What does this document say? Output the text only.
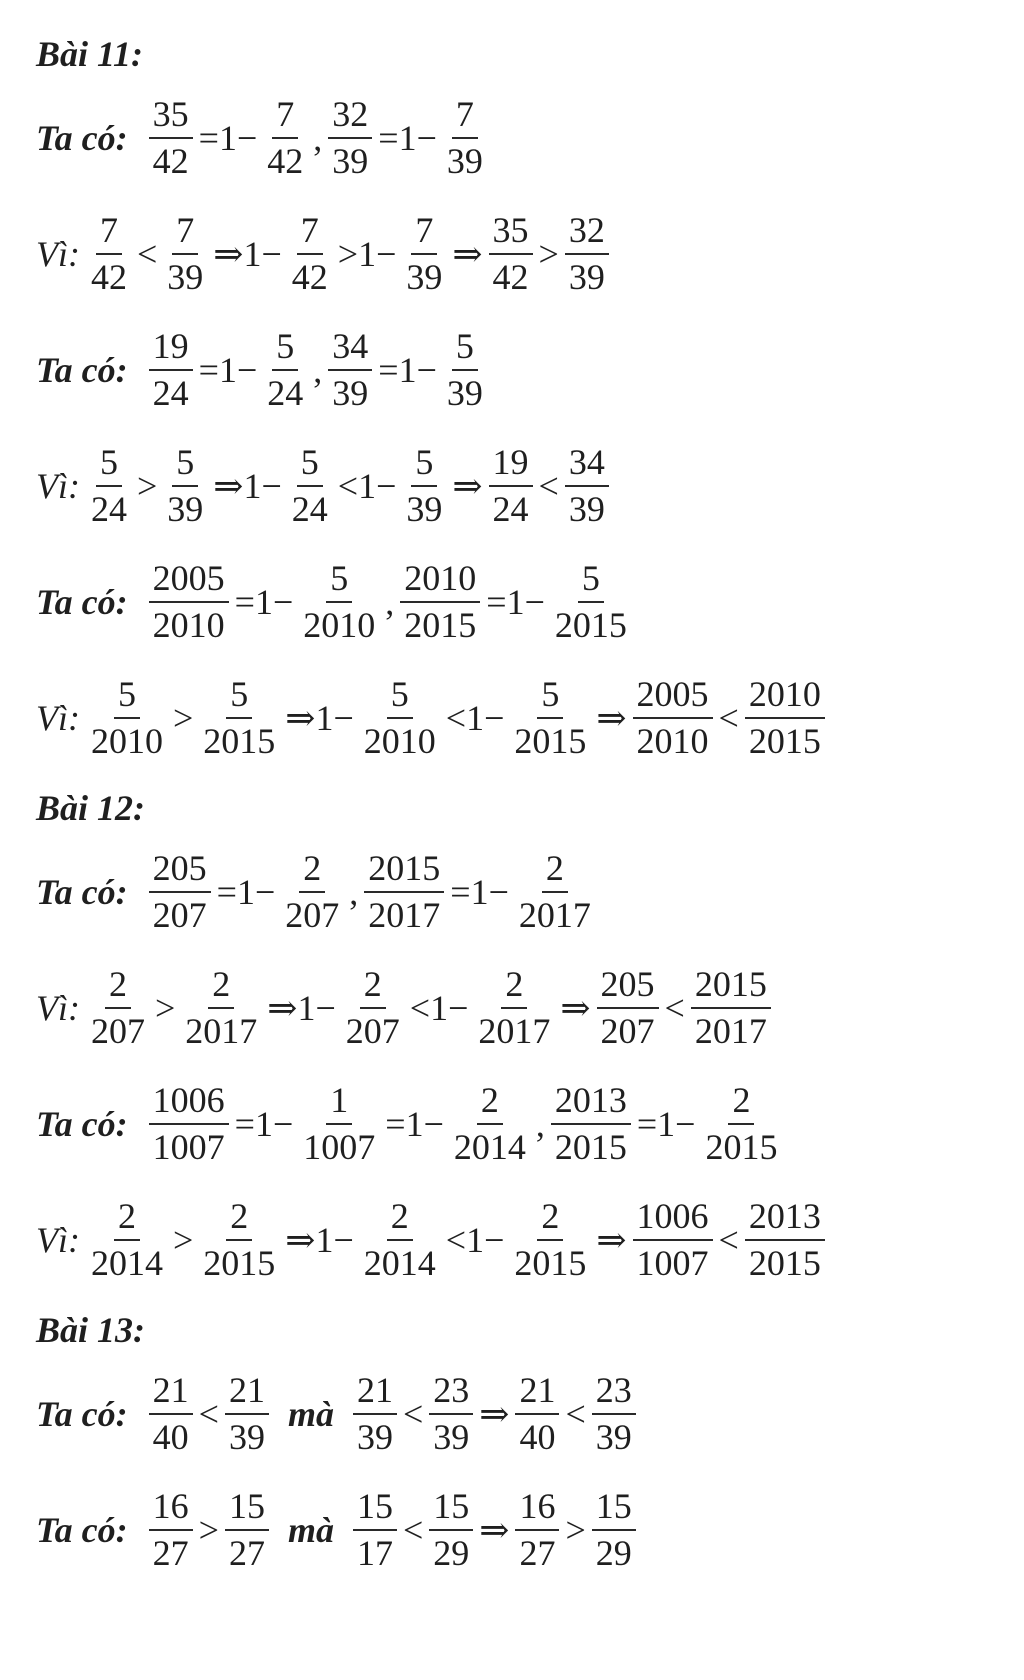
Bài 11:
Ta có: $\frac{35}{42} =1- \frac{7}{42}$ , $\frac{32}{39} =1- \frac{7}{39}$
Vì: $\frac{7}{42} < \frac{7}{39}$ ⇒1− $\frac{7}{42} >1- \frac{7}{39}$ ⇒ $\frac{35}{42} > \frac{32}{39}$
Ta có: $\frac{19}{24} =1- \frac{5}{24}$ , $\frac{34}{39} =1- \frac{5}{39}$
Vì: $\frac{5}{24} > \frac{5}{39}$ ⇒1− $\frac{5}{24} <1- \frac{5}{39}$ ⇒ $\frac{19}{24} < \frac{34}{39}$
Ta có: $\frac{2005}{2010} =1- \frac{5}{2010}$ , $\frac{2010}{2015} =1- \frac{5}{2015}$
Vì: $\frac{5}{2010} > \frac{5}{2015}$ ⇒1− $\frac{5}{2010} <1- \frac{5}{2015}$ ⇒ $\frac{2005}{2010} < \frac{2010}{2015}$
Bài 12:
Ta có: $\frac{205}{207} =1- \frac{2}{207}$ , $\frac{2015}{2017} =1- \frac{2}{2017}$
Vì: $\frac{2}{207} > \frac{2}{2017}$ ⇒1− $\frac{2}{207} <1- \frac{2}{2017}$ ⇒ $\frac{205}{207} < \frac{2015}{2017}$
Ta có: $\frac{1006}{1007} =1- \frac{1}{1007} =1- \frac{2}{2014}$ , $\frac{2013}{2015} =1- \frac{2}{2015}$
Vì: $\frac{2}{2014} > \frac{2}{2015}$ ⇒1− $\frac{2}{2014} <1- \frac{2}{2015}$ ⇒ $\frac{1006}{1007} < \frac{2013}{2015}$
Bài 13:
Ta có: $\frac{21}{40} < \frac{21}{39}$ mà $\frac{21}{39} < \frac{23}{39}$ ⇒ $\frac{21}{40} < \frac{23}{39}$
Ta có: $\frac{16}{27} > \frac{15}{27}$ mà $\frac{15}{17} < \frac{15}{29}$ ⇒ $\frac{16}{27} > \frac{15}{29}$
